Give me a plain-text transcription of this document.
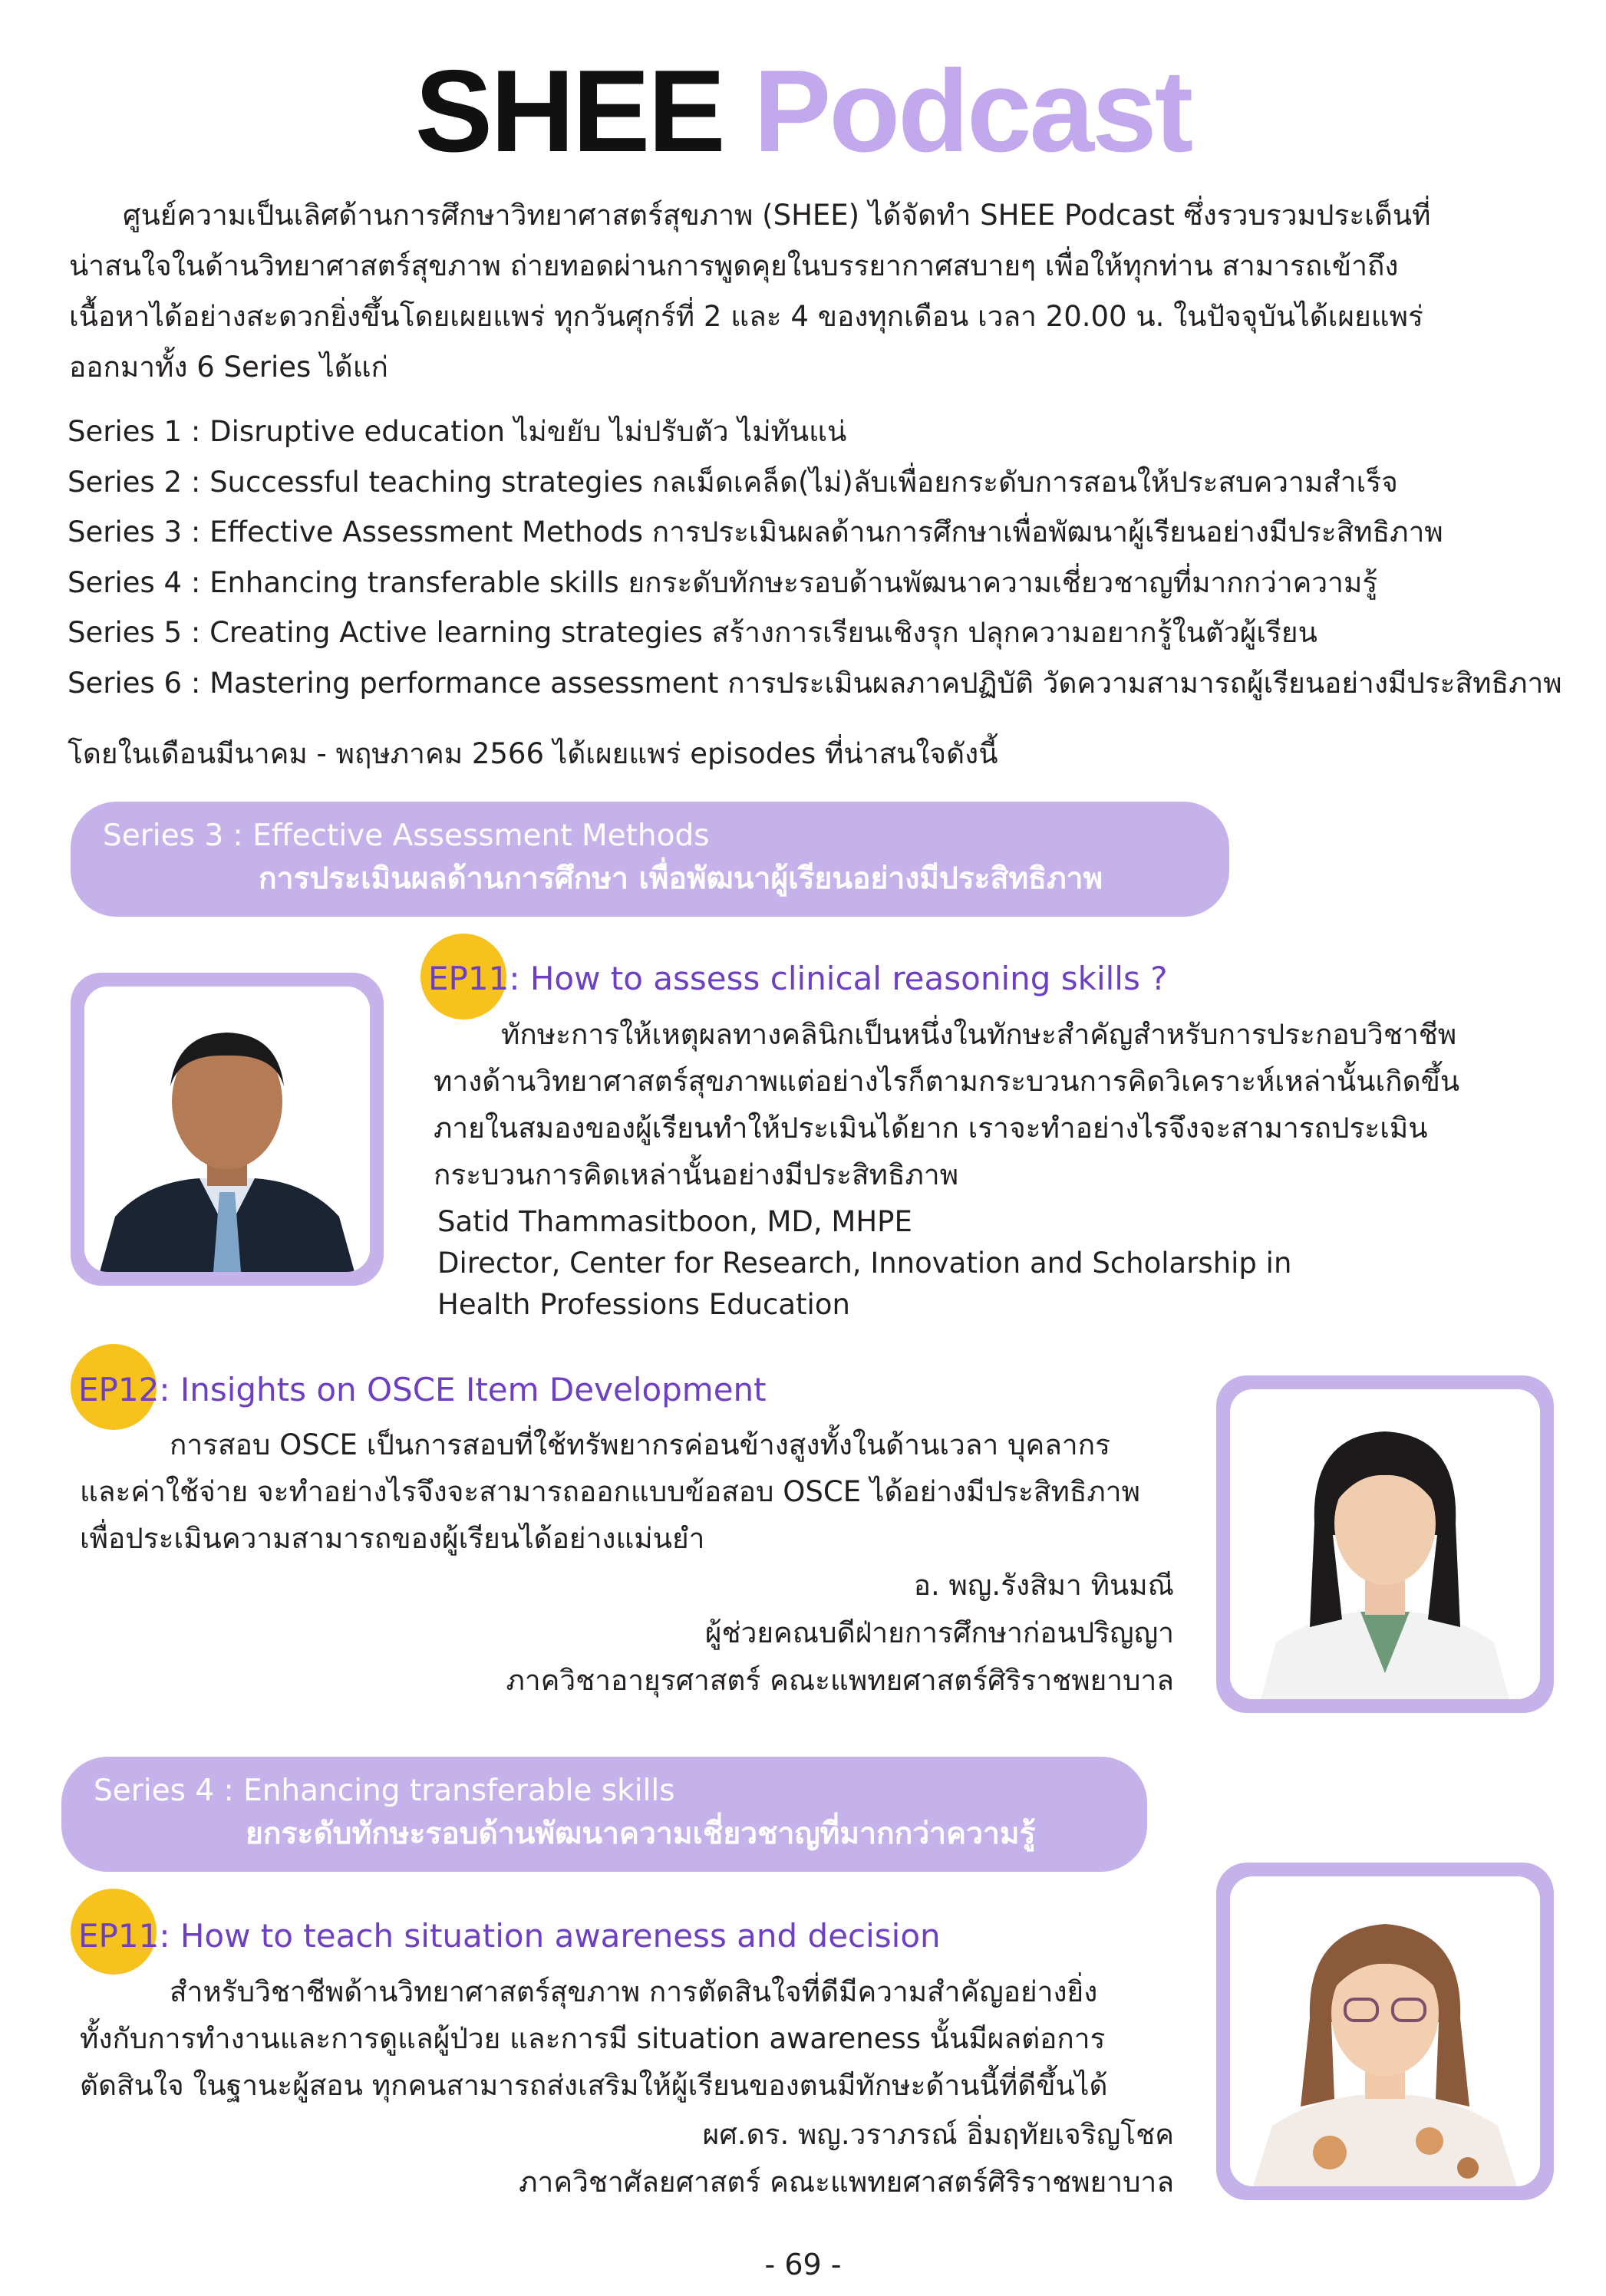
SHEE Podcast
ศูนย์ความเป็นเลิศด้านการศึกษาวิทยาศาสตร์สุขภาพ (SHEE) ได้จัดทำ SHEE Podcast ซึ่งรวบรวมประเด็นที่
น่าสนใจในด้านวิทยาศาสตร์สุขภาพ ถ่ายทอดผ่านการพูดคุยในบรรยากาศสบายๆ เพื่อให้ทุกท่าน สามารถเข้าถึง
เนื้อหาได้อย่างสะดวกยิ่งขึ้นโดยเผยแพร่ ทุกวันศุกร์ที่ 2 และ 4 ของทุกเดือน เวลา 20.00 น. ในปัจจุบันได้เผยแพร่
ออกมาทั้ง 6 Series ได้แก่
Series 1 : Disruptive education ไม่ขยับ ไม่ปรับตัว ไม่ทันแน่
Series 2 : Successful teaching strategies กลเม็ดเคล็ด(ไม่)ลับเพื่อยกระดับการสอนให้ประสบความสำเร็จ
Series 3 : Effective Assessment Methods การประเมินผลด้านการศึกษาเพื่อพัฒนาผู้เรียนอย่างมีประสิทธิภาพ
Series 4 : Enhancing transferable skills ยกระดับทักษะรอบด้านพัฒนาความเชี่ยวชาญที่มากกว่าความรู้
Series 5 : Creating Active learning strategies สร้างการเรียนเชิงรุก ปลุกความอยากรู้ในตัวผู้เรียน
Series 6 : Mastering performance assessment การประเมินผลภาคปฏิบัติ วัดความสามารถผู้เรียนอย่างมีประสิทธิภาพ
โดยในเดือนมีนาคม - พฤษภาคม 2566 ได้เผยแพร่ episodes ที่น่าสนใจดังนี้
Series 3 : Effective Assessment Methods
การประเมินผลด้านการศึกษา เพื่อพัฒนาผู้เรียนอย่างมีประสิทธิภาพ
EP11: How to assess clinical reasoning skills ?
ทักษะการให้เหตุผลทางคลินิกเป็นหนึ่งในทักษะสำคัญสำหรับการประกอบวิชาชีพ
ทางด้านวิทยาศาสตร์สุขภาพแต่อย่างไรก็ตามกระบวนการคิดวิเคราะห์เหล่านั้นเกิดขึ้น
ภายในสมองของผู้เรียนทำให้ประเมินได้ยาก เราจะทำอย่างไรจึงจะสามารถประเมิน
กระบวนการคิดเหล่านั้นอย่างมีประสิทธิภาพ
Satid Thammasitboon, MD, MHPE
Director, Center for Research, Innovation and Scholarship in
Health Professions Education
EP12: Insights on OSCE Item Development
การสอบ OSCE เป็นการสอบที่ใช้ทรัพยากรค่อนข้างสูงทั้งในด้านเวลา บุคลากร
และค่าใช้จ่าย จะทำอย่างไรจึงจะสามารถออกแบบข้อสอบ OSCE ได้อย่างมีประสิทธิภาพ
เพื่อประเมินความสามารถของผู้เรียนได้อย่างแม่นยำ
อ. พญ.รังสิมา ทินมณี
ผู้ช่วยคณบดีฝ่ายการศึกษาก่อนปริญญา
ภาควิชาอายุรศาสตร์ คณะแพทยศาสตร์ศิริราชพยาบาล
Series 4 : Enhancing transferable skills
ยกระดับทักษะรอบด้านพัฒนาความเชี่ยวชาญที่มากกว่าความรู้
EP11: How to teach situation awareness and decision
สำหรับวิชาชีพด้านวิทยาศาสตร์สุขภาพ การตัดสินใจที่ดีมีความสำคัญอย่างยิ่ง
ทั้งกับการทำงานและการดูแลผู้ป่วย และการมี situation awareness นั้นมีผลต่อการ
ตัดสินใจ ในฐานะผู้สอน ทุกคนสามารถส่งเสริมให้ผู้เรียนของตนมีทักษะด้านนี้ที่ดีขึ้นได้
ผศ.ดร. พญ.วราภรณ์ อิ่มฤทัยเจริญโชค
ภาควิชาศัลยศาสตร์ คณะแพทยศาสตร์ศิริราชพยาบาล
- 69 -
